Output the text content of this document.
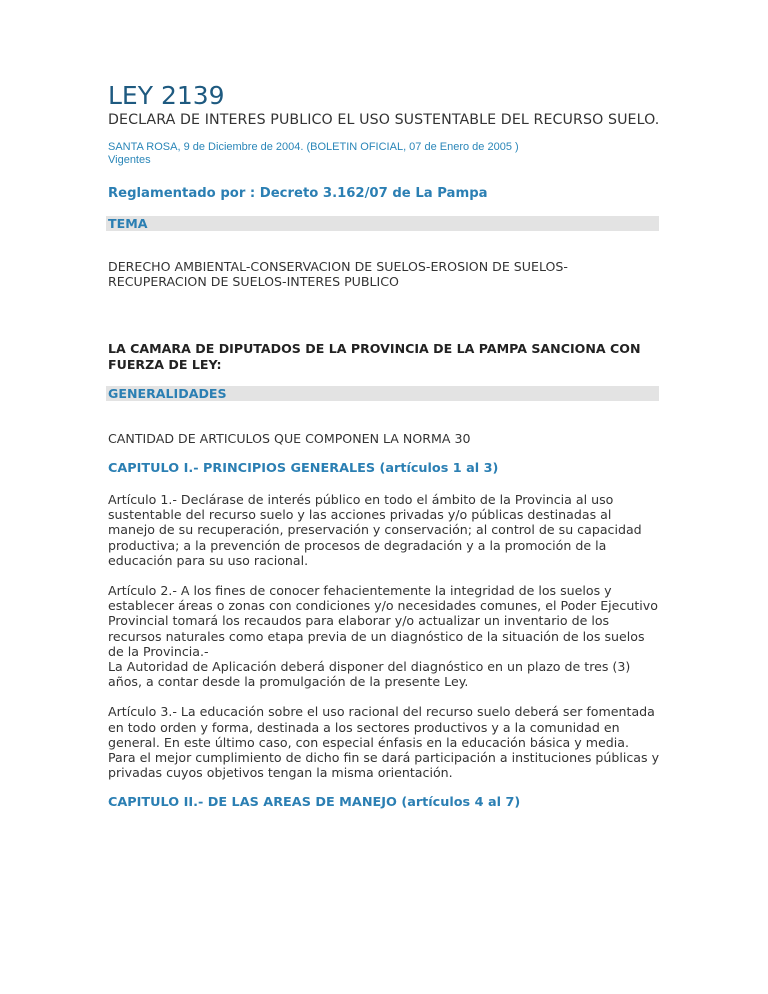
LEY 2139
DECLARA DE INTERES PUBLICO EL USO SUSTENTABLE DEL RECURSO SUELO.
SANTA ROSA, 9 de Diciembre de 2004. (BOLETIN OFICIAL, 07 de Enero de 2005 )
Vigentes
Reglamentado por : Decreto 3.162/07 de La Pampa
TEMA
DERECHO AMBIENTAL-CONSERVACION DE SUELOS-EROSION DE SUELOS-RECUPERACION DE SUELOS-INTERES PUBLICO
LA CAMARA DE DIPUTADOS DE LA PROVINCIA DE LA PAMPA SANCIONA CON FUERZA DE LEY:
GENERALIDADES
CANTIDAD DE ARTICULOS QUE COMPONEN LA NORMA 30
CAPITULO I.- PRINCIPIOS GENERALES (artículos 1 al 3)

Artículo 1.- Declárase de interés público en todo el ámbito de la Provincia al uso sustentable del recurso suelo y las acciones privadas y/o públicas destinadas al manejo de su recuperación, preservación y conservación; al control de su capacidad productiva; a la prevención de procesos de degradación y a la promoción de la educación para su uso racional.

Artículo 2.- A los fines de conocer fehacientemente la integridad de los suelos y establecer áreas o zonas con condiciones y/o necesidades comunes, el Poder Ejecutivo Provincial tomará los recaudos para elaborar y/o actualizar un inventario de los recursos naturales como etapa previa de un diagnóstico de la situación de los suelos de la Provincia.-

La Autoridad de Aplicación deberá disponer del diagnóstico en un plazo de tres (3) años, a contar desde la promulgación de la presente Ley.

Artículo 3.- La educación sobre el uso racional del recurso suelo deberá ser fomentada en todo orden y forma, destinada a los sectores productivos y a la comunidad en general. En este último caso, con especial énfasis en la educación básica y media.

Para el mejor cumplimiento de dicho fin se dará participación a instituciones públicas y privadas cuyos objetivos tengan la misma orientación.

CAPITULO II.- DE LAS AREAS DE MANEJO (artículos 4 al 7)
